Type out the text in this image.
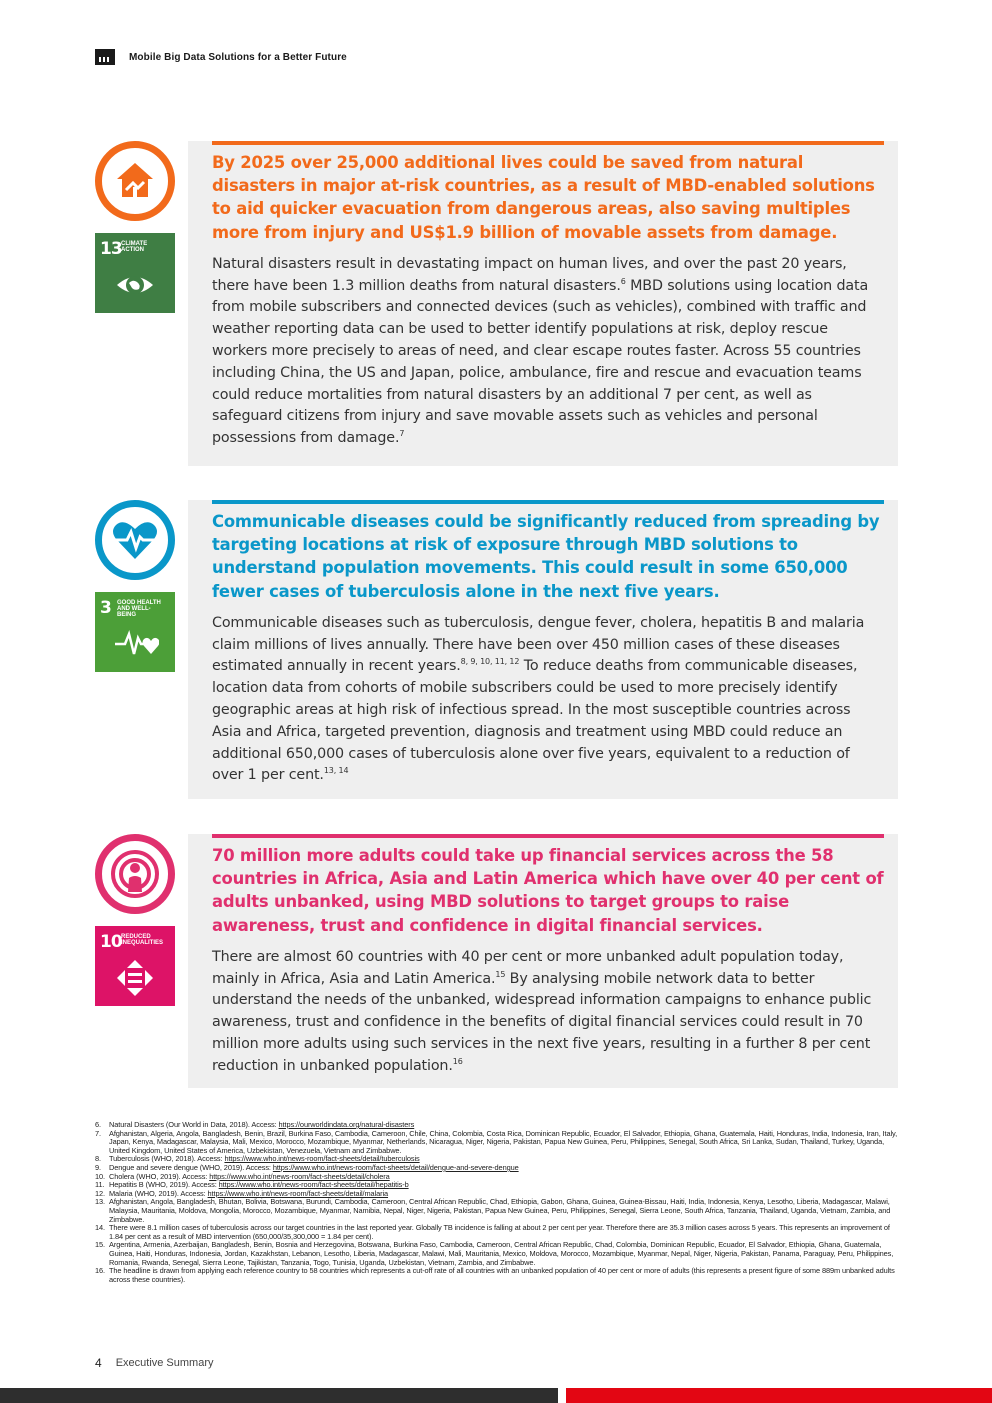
Mobile Big Data Solutions for a Better Future
13 CLIMATE ACTION

By 2025 over 25,000 additional lives could be saved from natural disasters in major at-risk countries, as a result of MBD-enabled solutions to aid quicker evacuation from dangerous areas, also saving multiples more from injury and US$1.9 billion of movable assets from damage.

Natural disasters result in devastating impact on human lives, and over the past 20 years, there have been 1.3 million deaths from natural disasters.$^6$ MBD solutions using location data from mobile subscribers and connected devices (such as vehicles), combined with traffic and weather reporting data can be used to better identify populations at risk, deploy rescue workers more precisely to areas of need, and clear escape routes faster. Across 55 countries including China, the US and Japan, police, ambulance, fire and rescue and evacuation teams could reduce mortalities from natural disasters by an additional 7 per cent, as well as safeguard citizens from injury and save movable assets such as vehicles and personal possessions from damage.$^7$

3 GOOD HEALTH AND WELL-BEING

Communicable diseases could be significantly reduced from spreading by targeting locations at risk of exposure through MBD solutions to understand population movements. This could result in some 650,000 fewer cases of tuberculosis alone in the next five years.

Communicable diseases such as tuberculosis, dengue fever, cholera, hepatitis B and malaria claim millions of lives annually. There have been over 450 million cases of these diseases estimated annually in recent years.$^{8, 9, 10, 11, 12}$ To reduce deaths from communicable diseases, location data from cohorts of mobile subscribers could be used to more precisely identify geographic areas at high risk of infectious spread. In the most susceptible countries across Asia and Africa, targeted prevention, diagnosis and treatment using MBD could reduce an additional 650,000 cases of tuberculosis alone over five years, equivalent to a reduction of over 1 per cent.$^{13, 14}$

10 REDUCED INEQUALITIES

70 million more adults could take up financial services across the 58 countries in Africa, Asia and Latin America which have over 40 per cent of adults unbanked, using MBD solutions to target groups to raise awareness, trust and confidence in digital financial services.

There are almost 60 countries with 40 per cent or more unbanked adult population today, mainly in Africa, Asia and Latin America.$^{15}$ By analysing mobile network data to better understand the needs of the unbanked, widespread information campaigns to enhance public awareness, trust and confidence in the benefits of digital financial services could result in 70 million more adults using such services in the next five years, resulting in a further 8 per cent reduction in unbanked population.$^{16}$

6.	Natural Disasters (Our World in Data, 2018). Access: https://ourworldindata.org/natural-disasters
7.	Afghanistan, Algeria, Angola, Bangladesh, Benin, Brazil, Burkina Faso, Cambodia, Cameroon, Chile, China, Colombia, Costa Rica, Dominican Republic, Ecuador, El Salvador, Ethiopia, Ghana, Guatemala, Haiti, Honduras, India, Indonesia, Iran, Italy, Japan, Kenya, Madagascar, Malaysia, Mali, Mexico, Morocco, Mozambique, Myanmar, Netherlands, Nicaragua, Niger, Nigeria, Pakistan, Papua New Guinea, Peru, Philippines, Senegal, South Africa, Sri Lanka, Sudan, Thailand, Turkey, Uganda, United Kingdom, United States of America, Uzbekistan, Venezuela, Vietnam and Zimbabwe.
8.	Tuberculosis (WHO, 2018). Access: https://www.who.int/news-room/fact-sheets/detail/tuberculosis
9.	Dengue and severe dengue (WHO, 2019). Access: https://www.who.int/news-room/fact-sheets/detail/dengue-and-severe-dengue
10. Cholera (WHO, 2019). Access: https://www.who.int/news-room/fact-sheets/detail/cholera
11. Hepatitis B (WHO, 2019). Access: https://www.who.int/news-room/fact-sheets/detail/hepatitis-b
12. Malaria (WHO, 2019). Access: https://www.who.int/news-room/fact-sheets/detail/malaria
13. Afghanistan, Angola, Bangladesh, Bhutan, Bolivia, Botswana, Burundi, Cambodia, Cameroon, Central African Republic, Chad, Ethiopia, Gabon, Ghana, Guinea, Guinea-Bissau, Haiti, India, Indonesia, Kenya, Lesotho, Liberia, Madagascar, Malawi, Malaysia, Mauritania, Moldova, Mongolia, Morocco, Mozambique, Myanmar, Namibia, Nepal, Niger, Nigeria, Pakistan, Papua New Guinea, Peru, Philippines, Senegal, Sierra Leone, South Africa, Tanzania, Thailand, Uganda, Vietnam, Zambia, and Zimbabwe.
14. There were 8.1 million cases of tuberculosis across our target countries in the last reported year. Globally TB incidence is falling at about 2 per cent per year. Therefore there are 35.3 million cases across 5 years. This represents an improvement of 1.84 per cent as a result of MBD intervention (650,000/35,300,000 = 1.84 per cent).
15. Argentina, Armenia, Azerbaijan, Bangladesh, Benin, Bosnia and Herzegovina, Botswana, Burkina Faso, Cambodia, Cameroon, Central African Republic, Chad, Colombia, Dominican Republic, Ecuador, El Salvador, Ethiopia, Ghana, Guatemala, Guinea, Haiti, Honduras, Indonesia, Jordan, Kazakhstan, Lebanon, Lesotho, Liberia, Madagascar, Malawi, Mali, Mauritania, Mexico, Moldova, Morocco, Mozambique, Myanmar, Nepal, Niger, Nigeria, Pakistan, Panama, Paraguay, Peru, Philippines, Romania, Rwanda, Senegal, Sierra Leone, Tajikistan, Tanzania, Togo, Tunisia, Uganda, Uzbekistan, Vietnam, Zambia, and Zimbabwe.
16. The headline is drawn from applying each reference country to 58 countries which represents a cut-off rate of all countries with an unbanked population of 40 per cent or more of adults (this represents a present figure of some 889m unbanked adults across these countries).
4 Executive Summary
